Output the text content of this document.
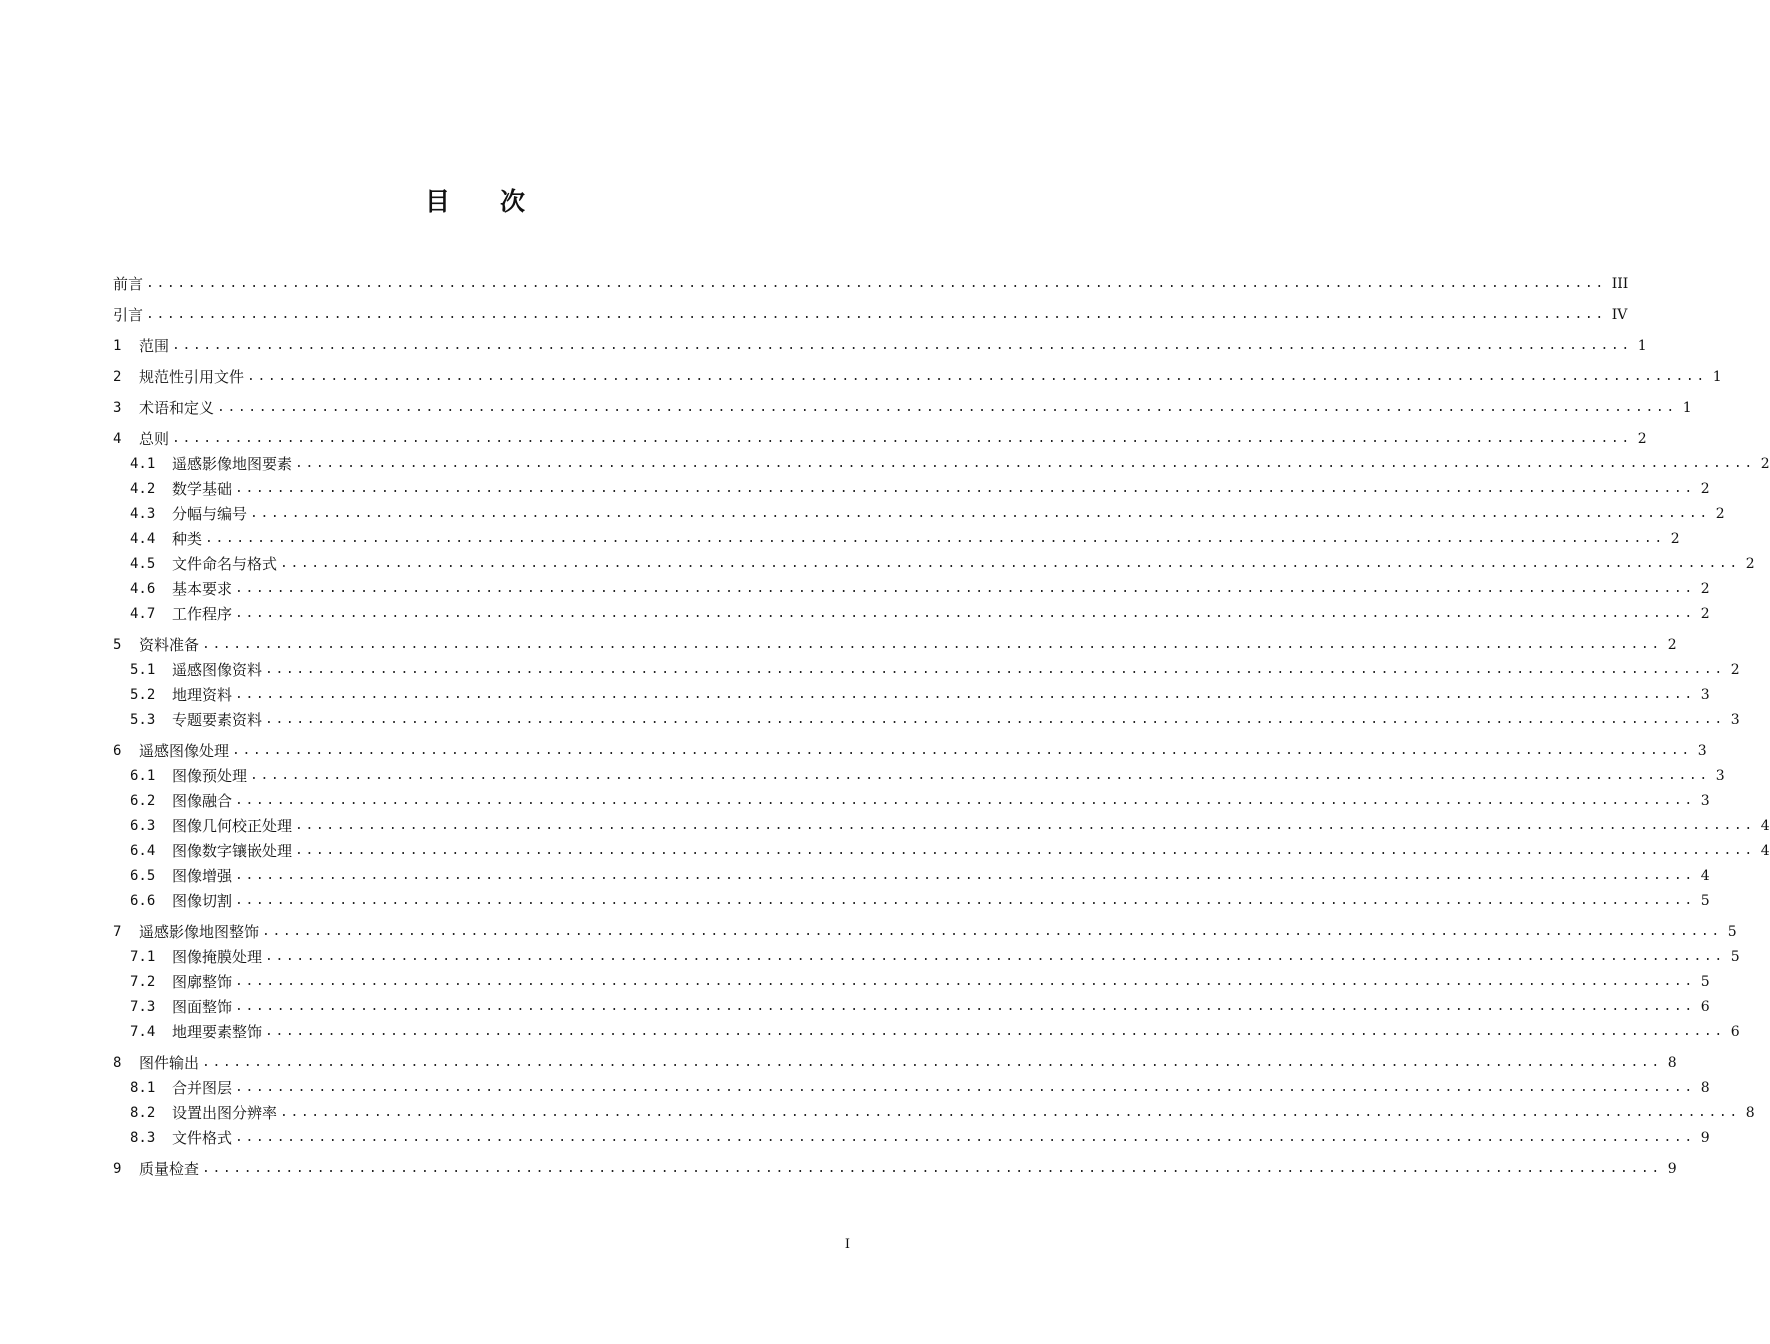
目 次
前言 ............................................................................................................................................ III
引言 ............................................................................................................................................ IV
1	范围 ............................................................................................................................................ 1
2	规范性引用文件 ............................................................................................................................................ 1
3	术语和定义 ............................................................................................................................................ 1
4	总则 ............................................................................................................................................ 2
4.1	遥感影像地图要素 ............................................................................................................................................ 2
4.2	数学基础 ............................................................................................................................................ 2
4.3	分幅与编号 ............................................................................................................................................ 2
4.4	种类 ............................................................................................................................................ 2
4.5	文件命名与格式 ............................................................................................................................................ 2
4.6	基本要求 ............................................................................................................................................ 2
4.7	工作程序 ............................................................................................................................................ 2
5	资料准备 ............................................................................................................................................ 2
5.1	遥感图像资料 ............................................................................................................................................ 2
5.2	地理资料 ............................................................................................................................................ 3
5.3	专题要素资料 ............................................................................................................................................ 3
6	遥感图像处理 ............................................................................................................................................ 3
6.1	图像预处理 ............................................................................................................................................ 3
6.2	图像融合 ............................................................................................................................................ 3
6.3	图像几何校正处理 ............................................................................................................................................ 4
6.4	图像数字镶嵌处理 ............................................................................................................................................ 4
6.5	图像增强 ............................................................................................................................................ 4
6.6	图像切割 ............................................................................................................................................ 5
7	遥感影像地图整饰 ............................................................................................................................................ 5
7.1	图像掩膜处理 ............................................................................................................................................ 5
7.2	图廓整饰 ............................................................................................................................................ 5
7.3	图面整饰 ............................................................................................................................................ 6
7.4	地理要素整饰 ............................................................................................................................................ 6
8	图件输出 ............................................................................................................................................ 8
8.1	合并图层 ............................................................................................................................................ 8
8.2	设置出图分辨率 ............................................................................................................................................ 8
8.3	文件格式 ............................................................................................................................................ 9
9	质量检查 ............................................................................................................................................ 9
I
